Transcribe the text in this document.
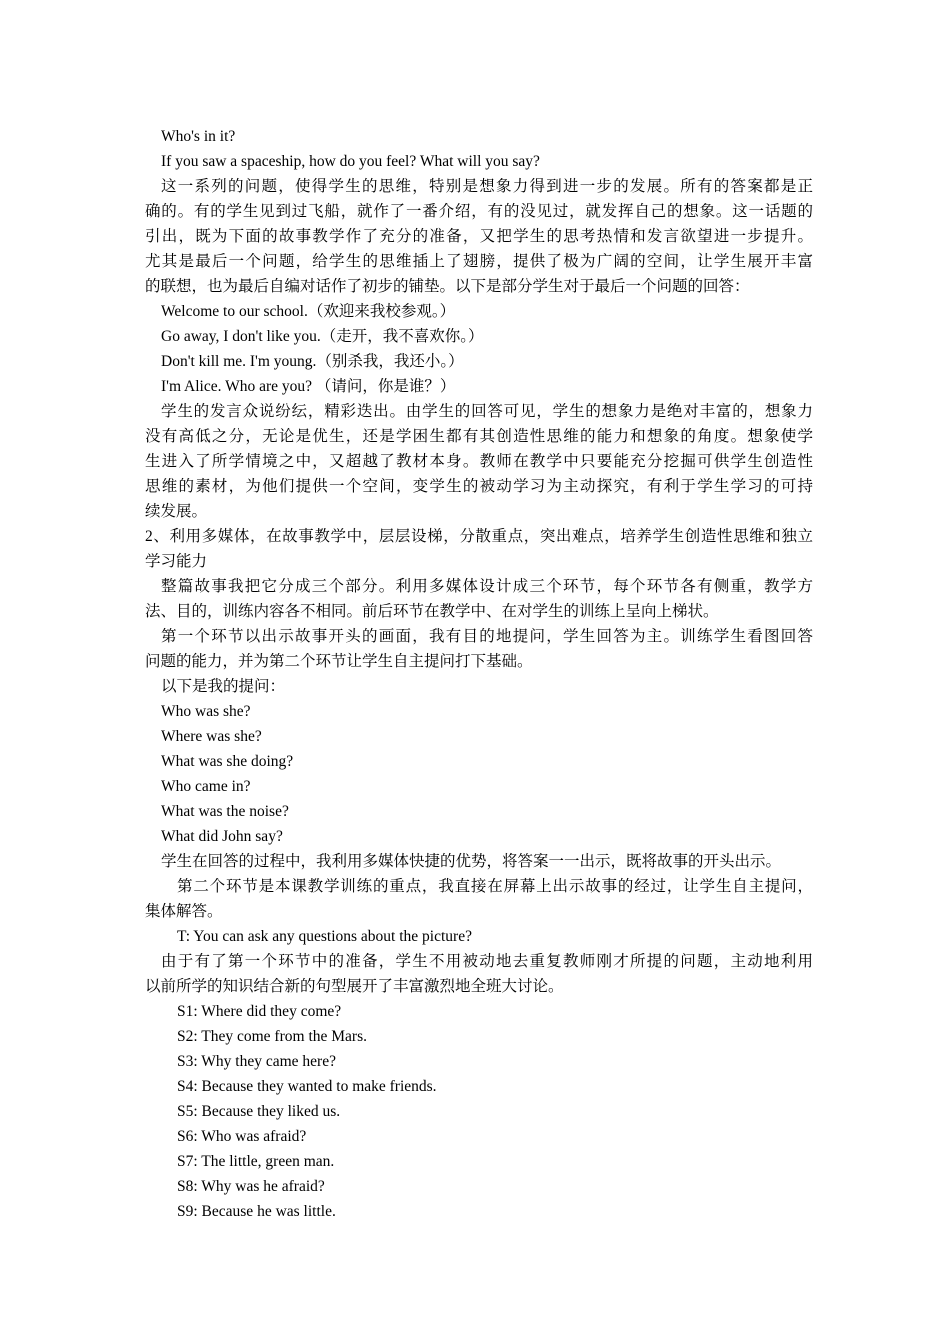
Who's in it?
If you saw a spaceship, how do you feel? What will you say?
这一系列的问题，使得学生的思维，特别是想象力得到进一步的发展。所有的答案都是正
确的。有的学生见到过飞船，就作了一番介绍，有的没见过，就发挥自己的想象。这一话题的
引出，既为下面的故事教学作了充分的准备，又把学生的思考热情和发言欲望进一步提升。
尤其是最后一个问题，给学生的思维插上了翅膀，提供了极为广阔的空间，让学生展开丰富
的联想，也为最后自编对话作了初步的铺垫。以下是部分学生对于最后一个问题的回答：
Welcome to our school.（欢迎来我校参观。）
Go away, I don't like you.（走开，我不喜欢你。）
Don't kill me. I'm young.（别杀我，我还小。）
I'm Alice. Who are you? （请问，你是谁？）
学生的发言众说纷纭，精彩迭出。由学生的回答可见，学生的想象力是绝对丰富的，想象力
没有高低之分，无论是优生，还是学困生都有其创造性思维的能力和想象的角度。想象使学
生进入了所学情境之中，又超越了教材本身。教师在教学中只要能充分挖掘可供学生创造性
思维的素材，为他们提供一个空间，变学生的被动学习为主动探究，有利于学生学习的可持
续发展。
2、利用多媒体，在故事教学中，层层设梯，分散重点，突出难点，培养学生创造性思维和独立
学习能力
整篇故事我把它分成三个部分。利用多媒体设计成三个环节，每个环节各有侧重，教学方
法、目的，训练内容各不相同。前后环节在教学中、在对学生的训练上呈向上梯状。
第一个环节以出示故事开头的画面，我有目的地提问，学生回答为主。训练学生看图回答
问题的能力，并为第二个环节让学生自主提问打下基础。
以下是我的提问：
Who was she?
Where was she?
What was she doing?
Who came in?
What was the noise?
What did John say?
学生在回答的过程中，我利用多媒体快捷的优势，将答案一一出示，既将故事的开头出示。
第二个环节是本课教学训练的重点，我直接在屏幕上出示故事的经过，让学生自主提问，
集体解答。
T: You can ask any questions about the picture?
由于有了第一个环节中的准备，学生不用被动地去重复教师刚才所提的问题，主动地利用
以前所学的知识结合新的句型展开了丰富激烈地全班大讨论。
S1: Where did they come?
S2: They come from the Mars.
S3: Why they came here?
S4: Because they wanted to make friends.
S5: Because they liked us.
S6: Who was afraid?
S7: The little, green man.
S8: Why was he afraid?
S9: Because he was little.
